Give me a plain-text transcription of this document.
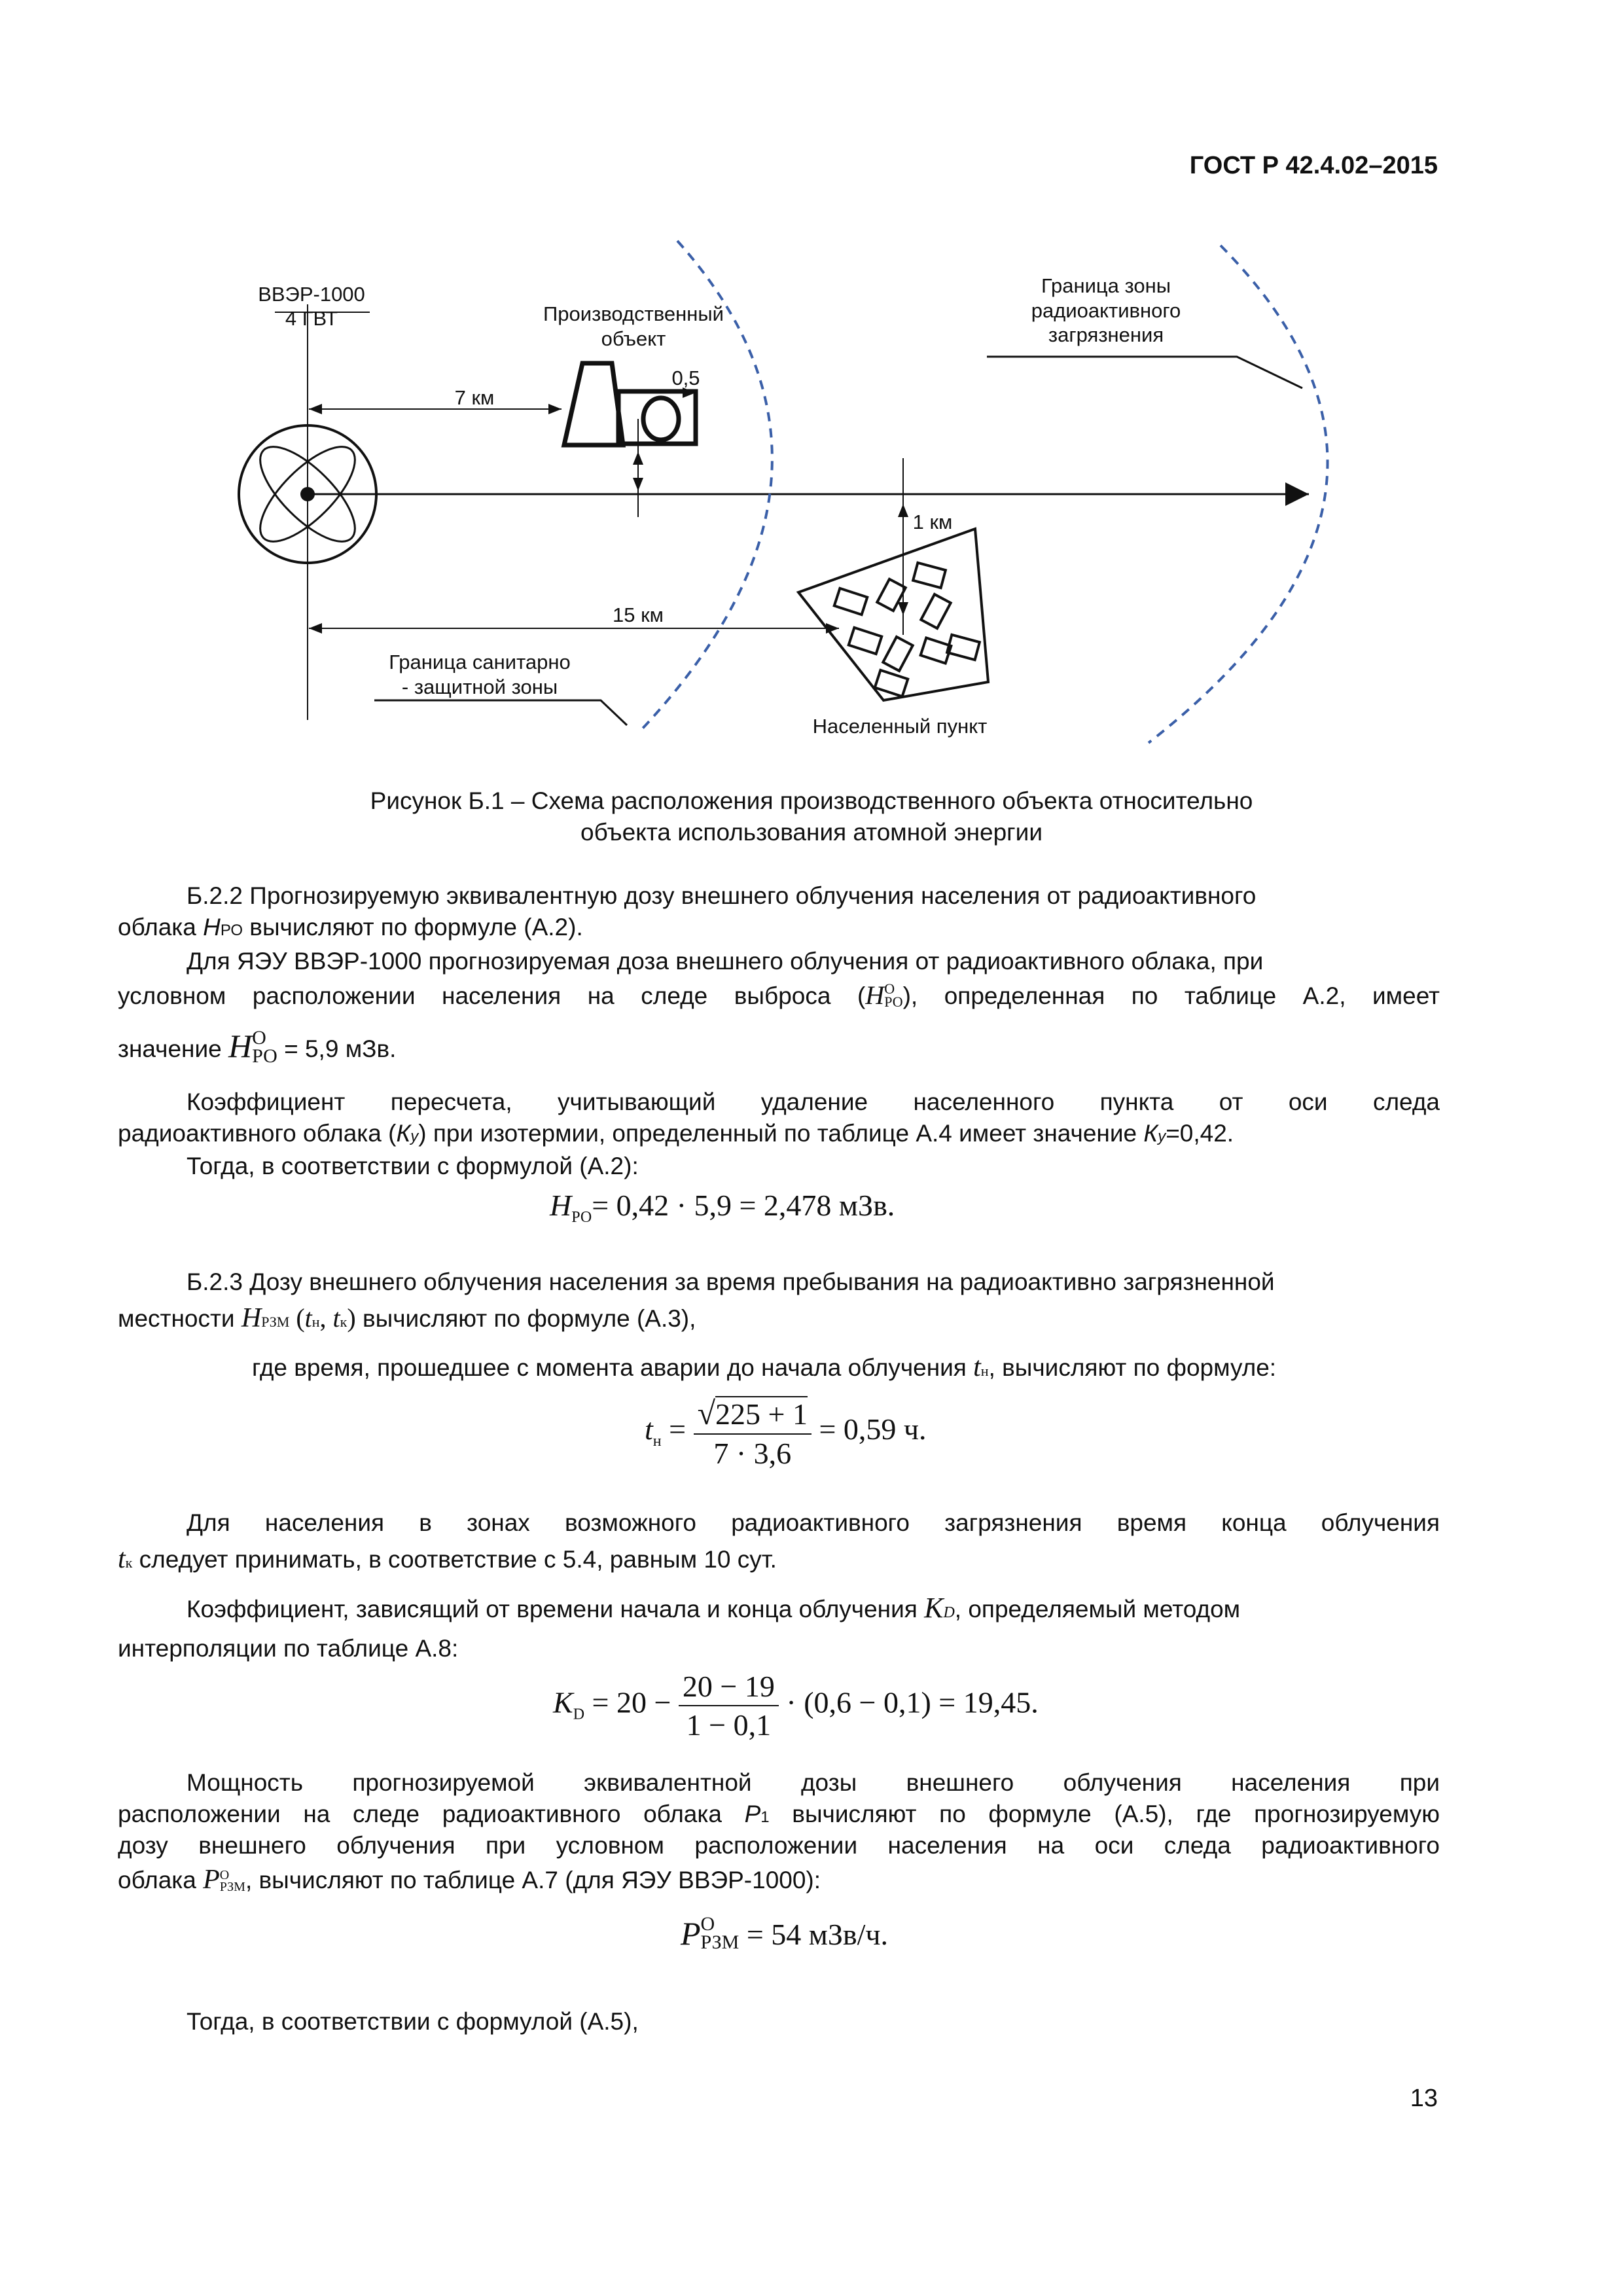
ГОСТ Р 42.4.02–2015
ВВЭР-1000
4 ГВТ	Производственный
объект
0,5
7 км
1 км
15 км
Граница зоны
радиоактивного
загрязнения
Граница санитарно
- защитной зоны
Населенный пункт
Рисунок Б.1 – Схема расположения производственного объекта относительно
объекта использования атомной энергии
Б.2.2 Прогнозируемую эквивалентную дозу внешнего облучения населения от радиоактивного
облака HРО вычисляют по формуле (А.2).
Для ЯЭУ ВВЭР-1000 прогнозируемая доза внешнего облучения от радиоактивного облака, при
условном расположении населения на следе выброса (H О
РО ), определенная по таблице А.2, имеет
значение H О
РО = 5,9 мЗв.
Коэффициент пересчета, учитывающий удаление населенного пункта от оси следа
радиоактивного облака (Ку) при изотермии, определенный по таблице А.4 имеет значение Ку=0,42.
Тогда, в соответствии с формулой (А.2):
$H_{РО}= 0,42 \cdot 5,9 = 2,478$ мЗв.
Б.2.3 Дозу внешнего облучения населения за время пребывания на радиоактивно загрязненной
местности HРЗМ (tн, tк) вычисляют по формуле (А.3),
где время, прошедшее с момента аварии до начала облучения tн, вычисляют по формуле:
$t_н = \frac{√225 + 1}{7 \cdot 3,6} = 0,59$ ч.
Для населения в зонах возможного радиоактивного загрязнения время конца облучения
tк следует принимать, в соответствие с 5.4, равным 10 сут.
Коэффициент, зависящий от времени начала и конца облучения KD, определяемый методом
интерполяции по таблице А.8:
$K_D = 20 - \frac{20 - 19}{1 - 0,1} \cdot (0,6 - 0,1) = 19,45$.
Мощность прогнозируемой эквивалентной дозы внешнего облучения населения при
расположении на следе радиоактивного облака P1 вычисляют по формуле (А.5), где прогнозируемую
дозу внешнего облучения при условном расположении населения на оси следа радиоактивного
облака P О
РЗМ , вычисляют по таблице А.7 (для ЯЭУ ВВЭР-1000):
P О
РЗМ = 54 мЗв/ч.
Тогда, в соответствии с формулой (А.5),
13
